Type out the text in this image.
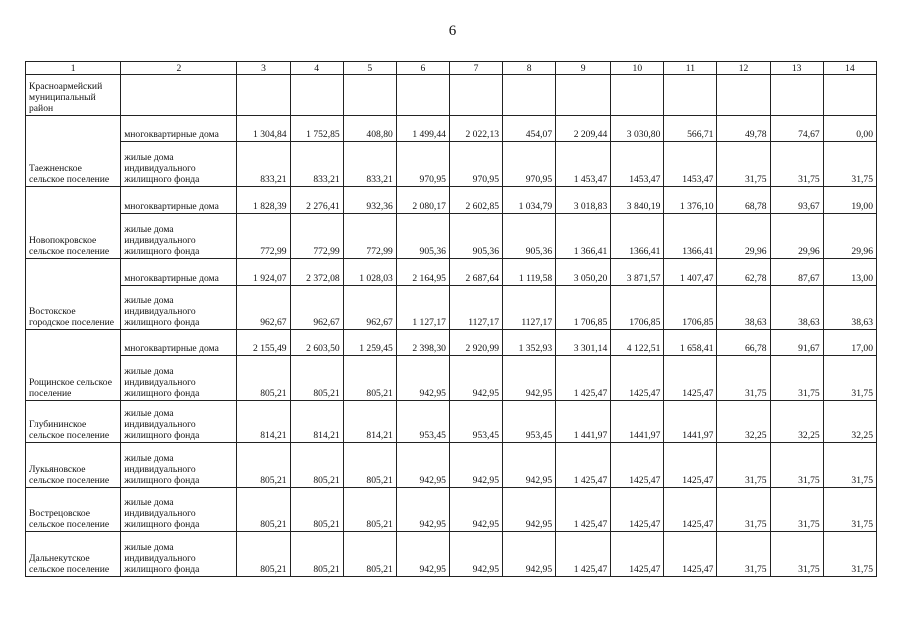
6
1	2	3	4	5	6	7	8	9	10	11	12	13	14
Красноармейский муниципальный район													
Таежненское сельское поселение	многоквартирные дома	1 304,84	1 752,85	408,80	1 499,44	2 022,13	454,07	2 209,44	3 030,80	566,71	49,78	74,67	0,00
	жилые дома индивидуального жилищного фонда	833,21	833,21	833,21	970,95	970,95	970,95	1 453,47	1453,47	1453,47	31,75	31,75	31,75
Новопокровское сельское поселение	многоквартирные дома	1 828,39	2 276,41	932,36	2 080,17	2 602,85	1 034,79	3 018,83	3 840,19	1 376,10	68,78	93,67	19,00
	жилые дома индивидуального жилищного фонда	772,99	772,99	772,99	905,36	905,36	905,36	1 366,41	1366,41	1366,41	29,96	29,96	29,96
Востокское городское поселение	многоквартирные дома	1 924,07	2 372,08	1 028,03	2 164,95	2 687,64	1 119,58	3 050,20	3 871,57	1 407,47	62,78	87,67	13,00
	жилые дома индивидуального жилищного фонда	962,67	962,67	962,67	1 127,17	1127,17	1127,17	1 706,85	1706,85	1706,85	38,63	38,63	38,63
Рощинское сельское поселение	многоквартирные дома	2 155,49	2 603,50	1 259,45	2 398,30	2 920,99	1 352,93	3 301,14	4 122,51	1 658,41	66,78	91,67	17,00
	жилые дома индивидуального жилищного фонда	805,21	805,21	805,21	942,95	942,95	942,95	1 425,47	1425,47	1425,47	31,75	31,75	31,75
Глубининское сельское поселение	жилые дома индивидуального жилищного фонда	814,21	814,21	814,21	953,45	953,45	953,45	1 441,97	1441,97	1441,97	32,25	32,25	32,25
Лукьяновское сельское поселение	жилые дома индивидуального жилищного фонда	805,21	805,21	805,21	942,95	942,95	942,95	1 425,47	1425,47	1425,47	31,75	31,75	31,75
Вострецовское сельское поселение	жилые дома индивидуального жилищного фонда	805,21	805,21	805,21	942,95	942,95	942,95	1 425,47	1425,47	1425,47	31,75	31,75	31,75
Дальнекутское сельское поселение	жилые дома индивидуального жилищного фонда	805,21	805,21	805,21	942,95	942,95	942,95	1 425,47	1425,47	1425,47	31,75	31,75	31,75
